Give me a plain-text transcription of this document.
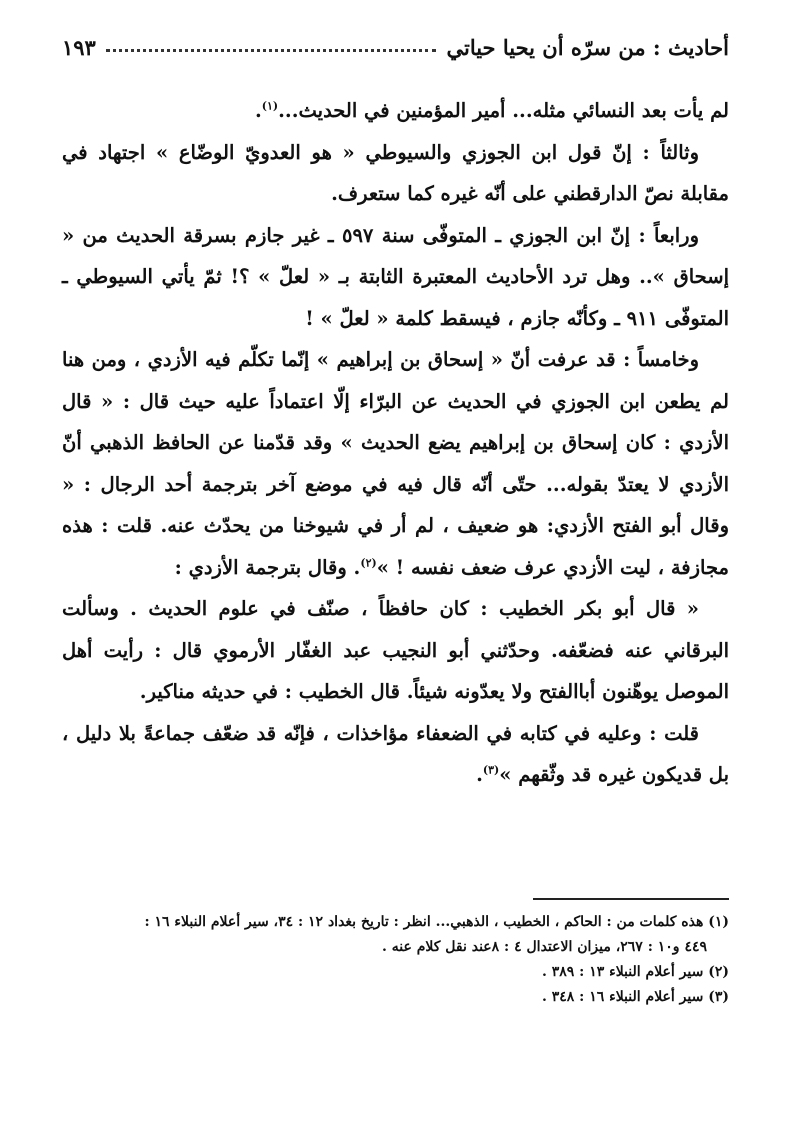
أحاديث : من سرّه أن يحيا حياتي
١٩٣

لم يأت بعد النسائي مثله... أمير المؤمنين في الحديث...$^{(١)}$.

وثالثاً : إنّ قول ابن الجوزي والسيوطي « هو العدويّ الوضّاع » اجتهاد في مقابلة نصّ الدارقطني على أنّه غيره كما ستعرف.

ورابعاً : إنّ ابن الجوزي ـ المتوفّى سنة ٥٩٧ ـ غير جازم بسرقة الحديث من « إسحاق ».. وهل ترد الأحاديث المعتبرة الثابتة بـ « لعلّ » ؟! ثمّ يأتي السيوطي ـ المتوفّى ٩١١ ـ وكأنّه جازم ، فيسقط كلمة « لعلّ » !

وخامساً : قد عرفت أنّ « إسحاق بن إبراهيم » إنّما تكلّم فيه الأزدي ، ومن هنا لم يطعن ابن الجوزي في الحديث عن البرّاء إلّا اعتماداً عليه حيث قال : « قال الأزدي : كان إسحاق بن إبراهيم يضع الحديث » وقد قدّمنا عن الحافظ الذهبي أنّ الأزدي لا يعتدّ بقوله... حتّى أنّه قال فيه في موضع آخر بترجمة أحد الرجال : « وقال أبو الفتح الأزدي: هو ضعيف ، لم أر في شيوخنا من يحدّث عنه. قلت : هذه مجازفة ، ليت الأزدي عرف ضعف نفسه ! »$^{(٢)}$. وقال بترجمة الأزدي :

« قال أبو بكر الخطيب : كان حافظاً ، صنّف في علوم الحديث . وسألت البرقاني عنه فضعّفه. وحدّثني أبو النجيب عبد الغفّار الأرموي قال : رأيت أهل الموصل يوهّنون أباالفتح ولا يعدّونه شيئاً. قال الخطيب : في حديثه مناكير.

قلت : وعليه في كتابه في الضعفاء مؤاخذات ، فإنّه قد ضعّف جماعةً بلا دليل ، بل قديكون غيره قد وثّقهم »$^{(٣)}$.

(١) هذه كلمات من : الحاكم ، الخطيب ، الذهبي... انظر : تاريخ بغداد ١٢ : ٣٤، سير أعلام النبلاء ١٦ :

٤٤٩ و١٠ : ٢٦٧، ميزان الاعتدال ٤ : ٨عند نقل كلام عنه .

(٢) سير أعلام النبلاء ١٣ : ٣٨٩ .

(٣) سير أعلام النبلاء ١٦ : ٣٤٨ .
